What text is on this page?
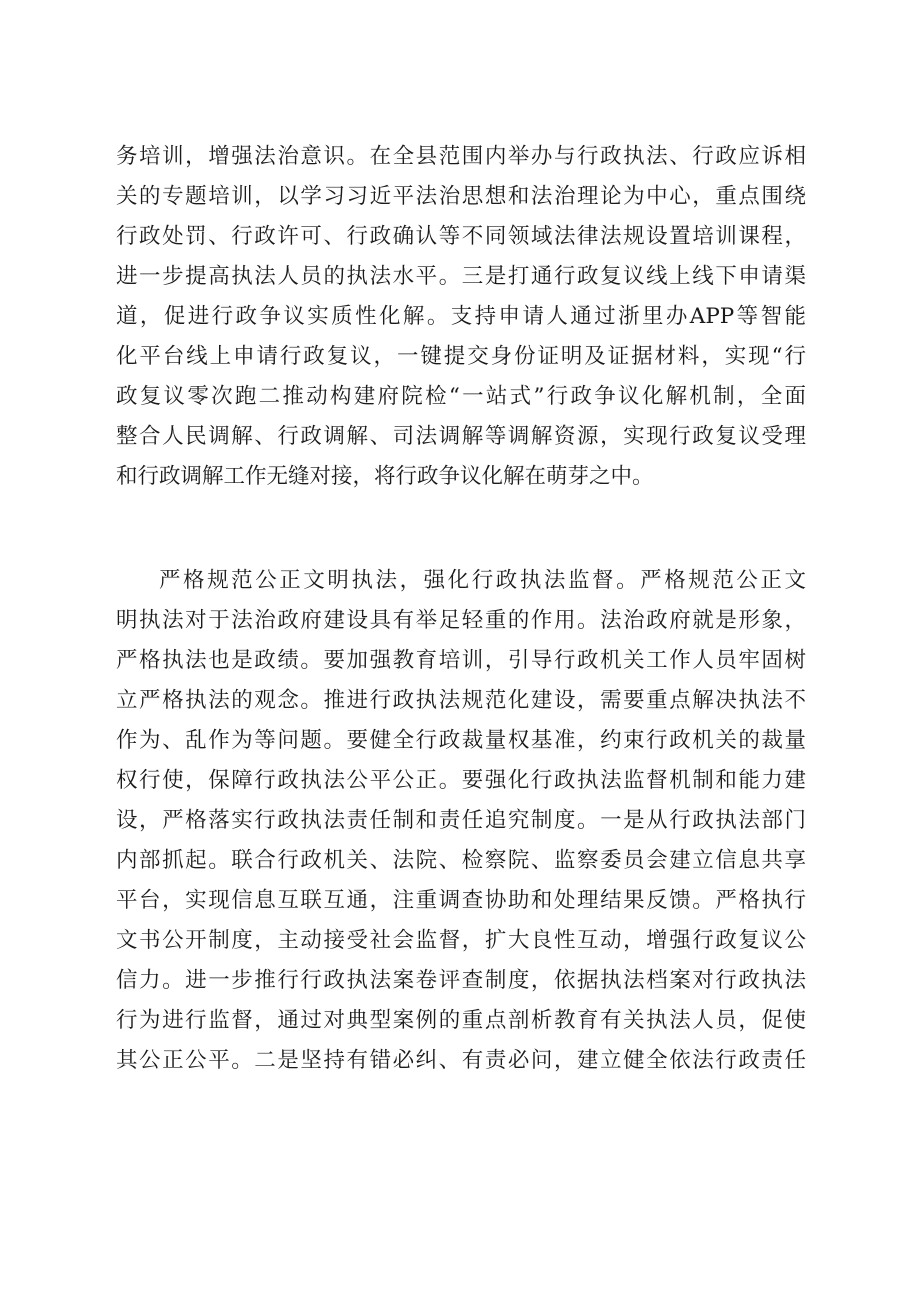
务培训，增强法治意识。在全县范围内举办与行政执法、行政应诉相
关的专题培训，以学习习近平法治思想和法治理论为中心，重点围绕
行政处罚、行政许可、行政确认等不同领域法律法规设置培训课程，
进一步提高执法人员的执法水平。三是打通行政复议线上线下申请渠
道，促进行政争议实质性化解。支持申请人通过浙里办APP等智能
化平台线上申请行政复议，一键提交身份证明及证据材料，实现“行
政复议零次跑二推动构建府院检“一站式”行政争议化解机制，全面
整合人民调解、行政调解、司法调解等调解资源，实现行政复议受理
和行政调解工作无缝对接，将行政争议化解在萌芽之中。
严格规范公正文明执法，强化行政执法监督。严格规范公正文
明执法对于法治政府建设具有举足轻重的作用。法治政府就是形象，
严格执法也是政绩。要加强教育培训，引导行政机关工作人员牢固树
立严格执法的观念。推进行政执法规范化建设，需要重点解决执法不
作为、乱作为等问题。要健全行政裁量权基准，约束行政机关的裁量
权行使，保障行政执法公平公正。要强化行政执法监督机制和能力建
设，严格落实行政执法责任制和责任追究制度。一是从行政执法部门
内部抓起。联合行政机关、法院、检察院、监察委员会建立信息共享
平台，实现信息互联互通，注重调查协助和处理结果反馈。严格执行
文书公开制度，主动接受社会监督，扩大良性互动，增强行政复议公
信力。进一步推行行政执法案卷评查制度，依据执法档案对行政执法
行为进行监督，通过对典型案例的重点剖析教育有关执法人员，促使
其公正公平。二是坚持有错必纠、有责必问，建立健全依法行政责任
